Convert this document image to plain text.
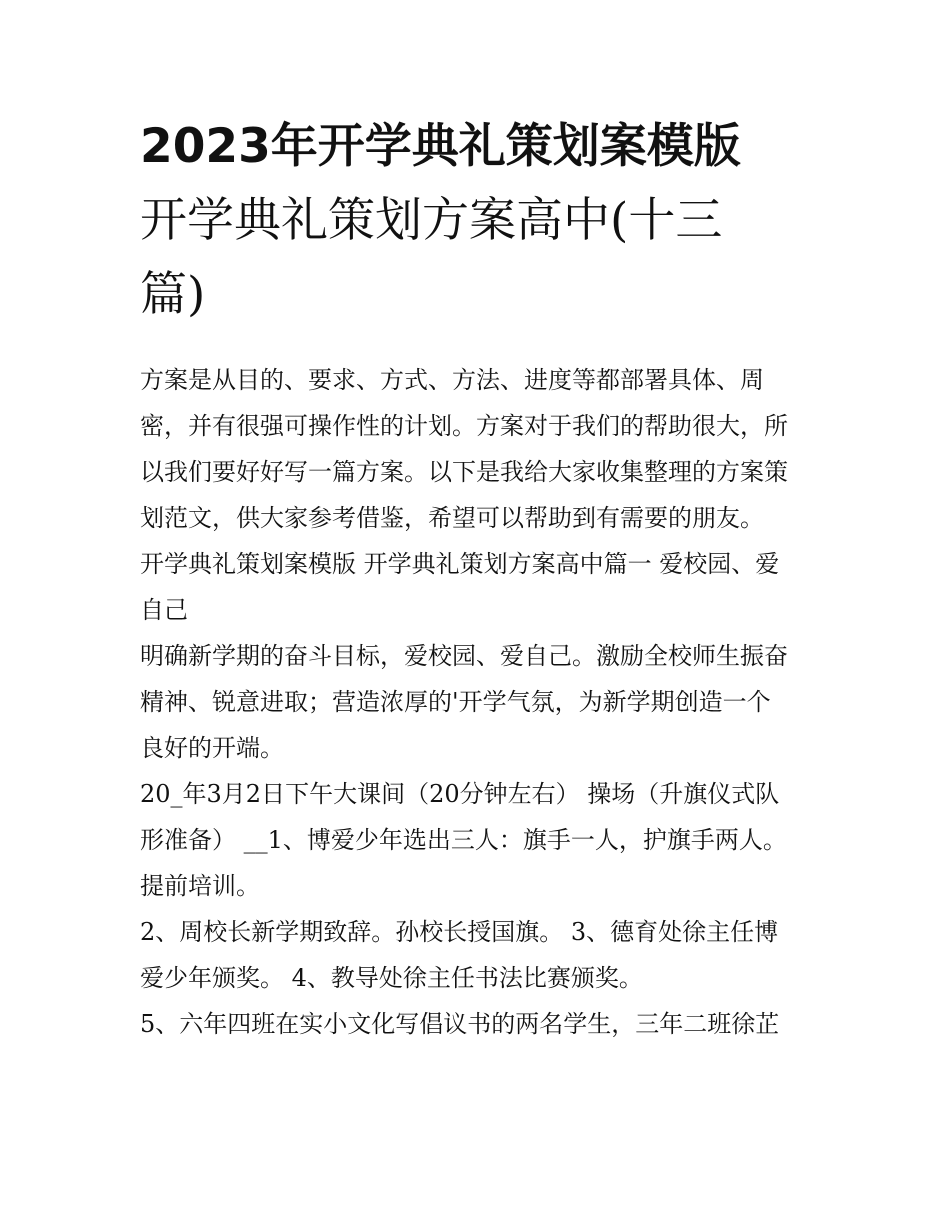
2023年开学典礼策划案模版
开学典礼策划方案高中(十三
篇)
方案是从目的、要求、方式、方法、进度等都部署具体、周
密，并有很强可操作性的计划。方案对于我们的帮助很大，所
以我们要好好写一篇方案。以下是我给大家收集整理的方案策
划范文，供大家参考借鉴，希望可以帮助到有需要的朋友。
开学典礼策划案模版 开学典礼策划方案高中篇一 爱校园、爱
自己
明确新学期的奋斗目标，爱校园、爱自己。激励全校师生振奋
精神、锐意进取；营造浓厚的'开学气氛，为新学期创造一个
良好的开端。
20_年3月2日下午大课间（20分钟左右） 操场（升旗仪式队
形准备） __1、博爱少年选出三人：旗手一人，护旗手两人。
提前培训。
2、周校长新学期致辞。孙校长授国旗。 3、德育处徐主任博
爱少年颁奖。 4、教导处徐主任书法比赛颁奖。
5、六年四班在实小文化写倡议书的两名学生，三年二班徐芷
